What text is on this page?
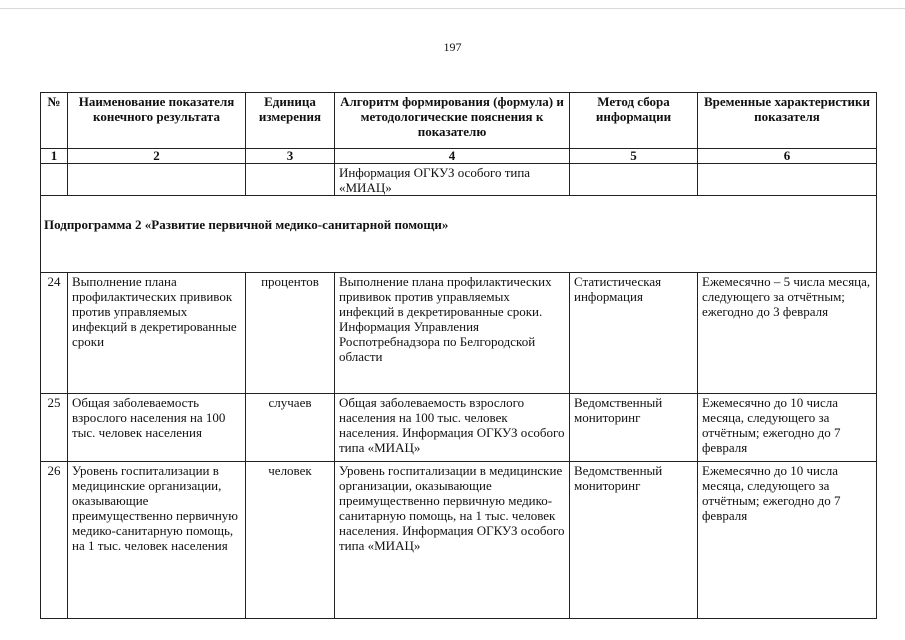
197
№	Наименование показателя конечного результата	Единица измерения	Алгоритм формирования (формула) и методологические пояснения к показателю	Метод сбора информации	Временные характеристики показателя
1	2	3	4	5	6
			Информация ОГКУЗ особого типа «МИАЦ»		
Подпрограмма 2 «Развитие первичной медико-санитарной помощи»					
24	Выполнение плана профилактических прививок против управляемых инфекций в декретированные сроки	процентов	Выполнение плана профилактических прививок против управляемых инфекций в декретированные сроки. Информация Управления Роспотребнадзора по Белгородской области	Статистическая информация	Ежемесячно – 5 числа месяца, следующего за отчётным; ежегодно до 3 февраля
25	Общая заболеваемость взрослого населения на 100 тыс. человек населения	случаев	Общая заболеваемость взрослого населения на 100 тыс. человек населения. Информация ОГКУЗ особого типа «МИАЦ»	Ведомственный мониторинг	Ежемесячно до 10 числа месяца, следующего за отчётным; ежегодно до 7 февраля
26	Уровень госпитализации в медицинские организации, оказывающие преимущественно первичную медико-санитарную помощь, на 1 тыс. человек населения	человек	Уровень госпитализации в медицинские организации, оказывающие преимущественно первичную медико-санитарную помощь, на 1 тыс. человек населения. Информация ОГКУЗ особого типа «МИАЦ»	Ведомственный мониторинг	Ежемесячно до 10 числа месяца, следующего за отчётным; ежегодно до 7 февраля
